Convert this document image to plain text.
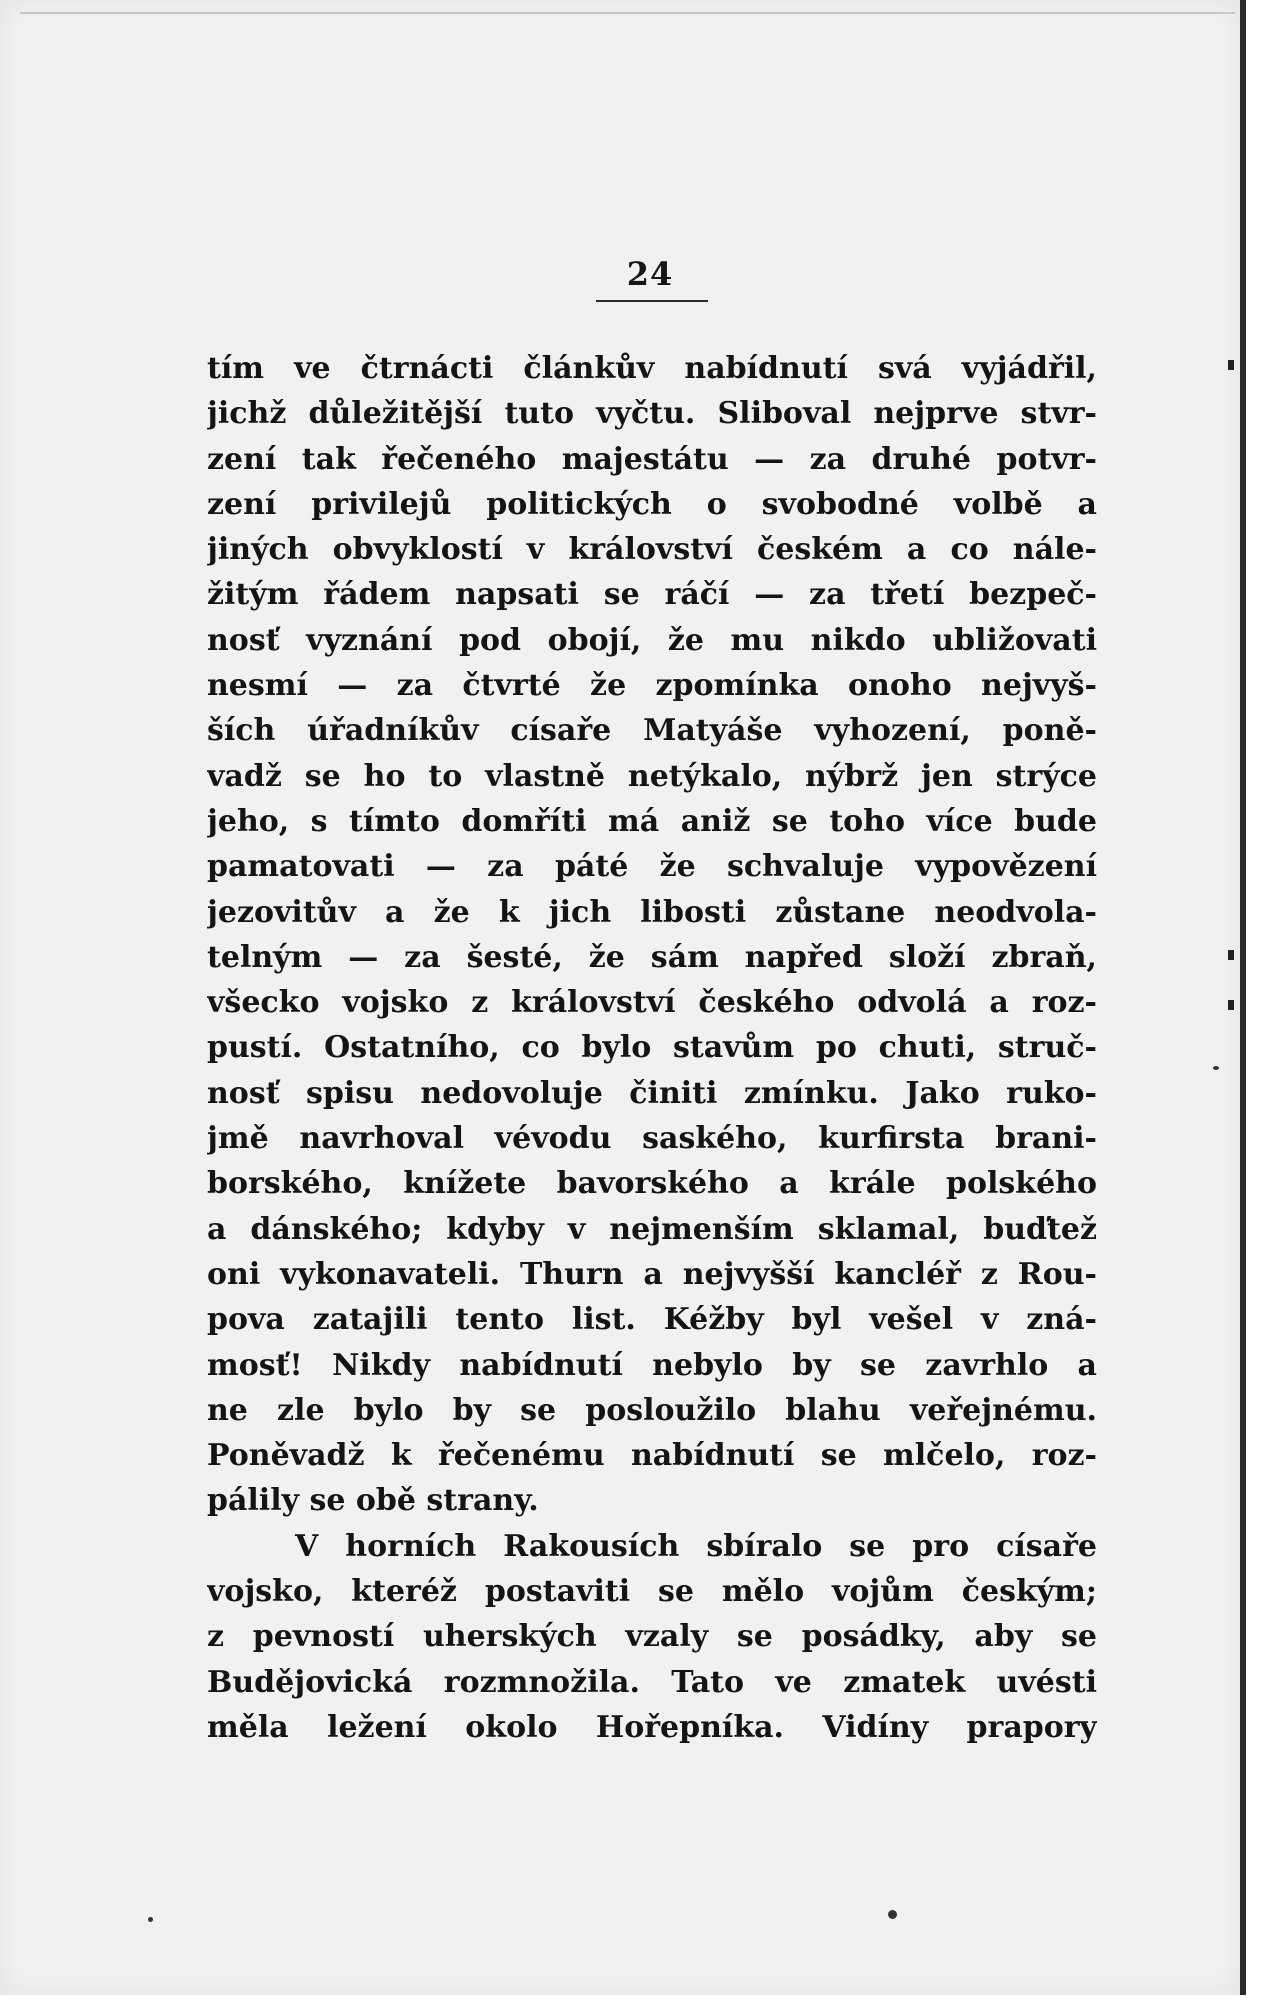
24
tím ve čtrnácti článkův nabídnutí svá vyjádřil,
jichž důležitější tuto vyčtu. Sliboval nejprve stvr-
zení tak řečeného majestátu — za druhé potvr-
zení privilejů politických o svobodné volbě a
jiných obvyklostí v království českém a co nále-
žitým řádem napsati se ráčí — za třetí bezpeč-
nosť vyznání pod obojí, že mu nikdo ubližovati
nesmí — za čtvrté že zpomínka onoho nejvyš-
ších úřadníkův císaře Matyáše vyhození, poně-
vadž se ho to vlastně netýkalo, nýbrž jen strýce
jeho, s tímto domříti má aniž se toho více bude
pamatovati — za páté že schvaluje vypovězení
jezovitův a že k jich libosti zůstane neodvola-
telným — za šesté, že sám napřed složí zbraň,
všecko vojsko z království českého odvolá a roz-
pustí. Ostatního, co bylo stavům po chuti, struč-
nosť spisu nedovoluje činiti zmínku. Jako ruko-
jmě navrhoval vévodu saského, kurfirsta brani-
borského, knížete bavorského a krále polského
a dánského; kdyby v nejmenším sklamal, buďtež
oni vykonavateli. Thurn a nejvyšší kancléř z Rou-
pova zatajili tento list. Kéžby byl vešel v zná-
mosť! Nikdy nabídnutí nebylo by se zavrhlo a
ne zle bylo by se posloužilo blahu veřejnému.
Poněvadž k řečenému nabídnutí se mlčelo, roz-
pálily se obě strany.
V horních Rakousích sbíralo se pro císaře
vojsko, kteréž postaviti se mělo vojům českým;
z pevností uherských vzaly se posádky, aby se
Budějovická rozmnožila. Tato ve zmatek uvésti
měla ležení okolo Hořepníka. Vidíny prapory
